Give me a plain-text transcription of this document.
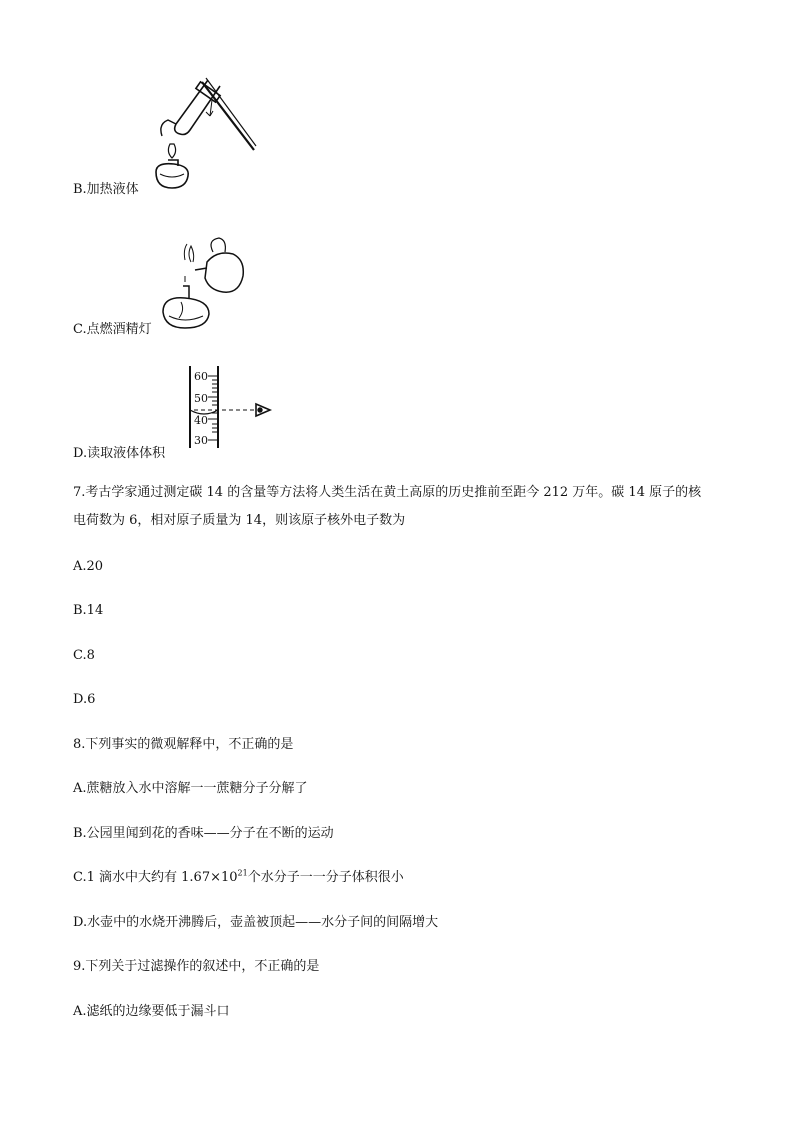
B.加热液体
C.点燃酒精灯
60
50
40
30
D.读取液体体积
7.考古学家通过测定碳 14 的含量等方法将人类生活在黄土高原的历史推前至距今 212 万年。碳 14 原子的核
电荷数为 6，相对原子质量为 14，则该原子核外电子数为
A.20
B.14
C.8
D.6
8.下列事实的微观解释中，不正确的是
A.蔗糖放入水中溶解一一蔗糖分子分解了
B.公园里闻到花的香味——分子在不断的运动
C.1 滴水中大约有 $1.67\times 10^{21}$个水分子一一分子体积很小
D.水壶中的水烧开沸腾后，壶盖被顶起——水分子间的间隔增大
9.下列关于过滤操作的叙述中，不正确的是
A.滤纸的边缘要低于漏斗口
